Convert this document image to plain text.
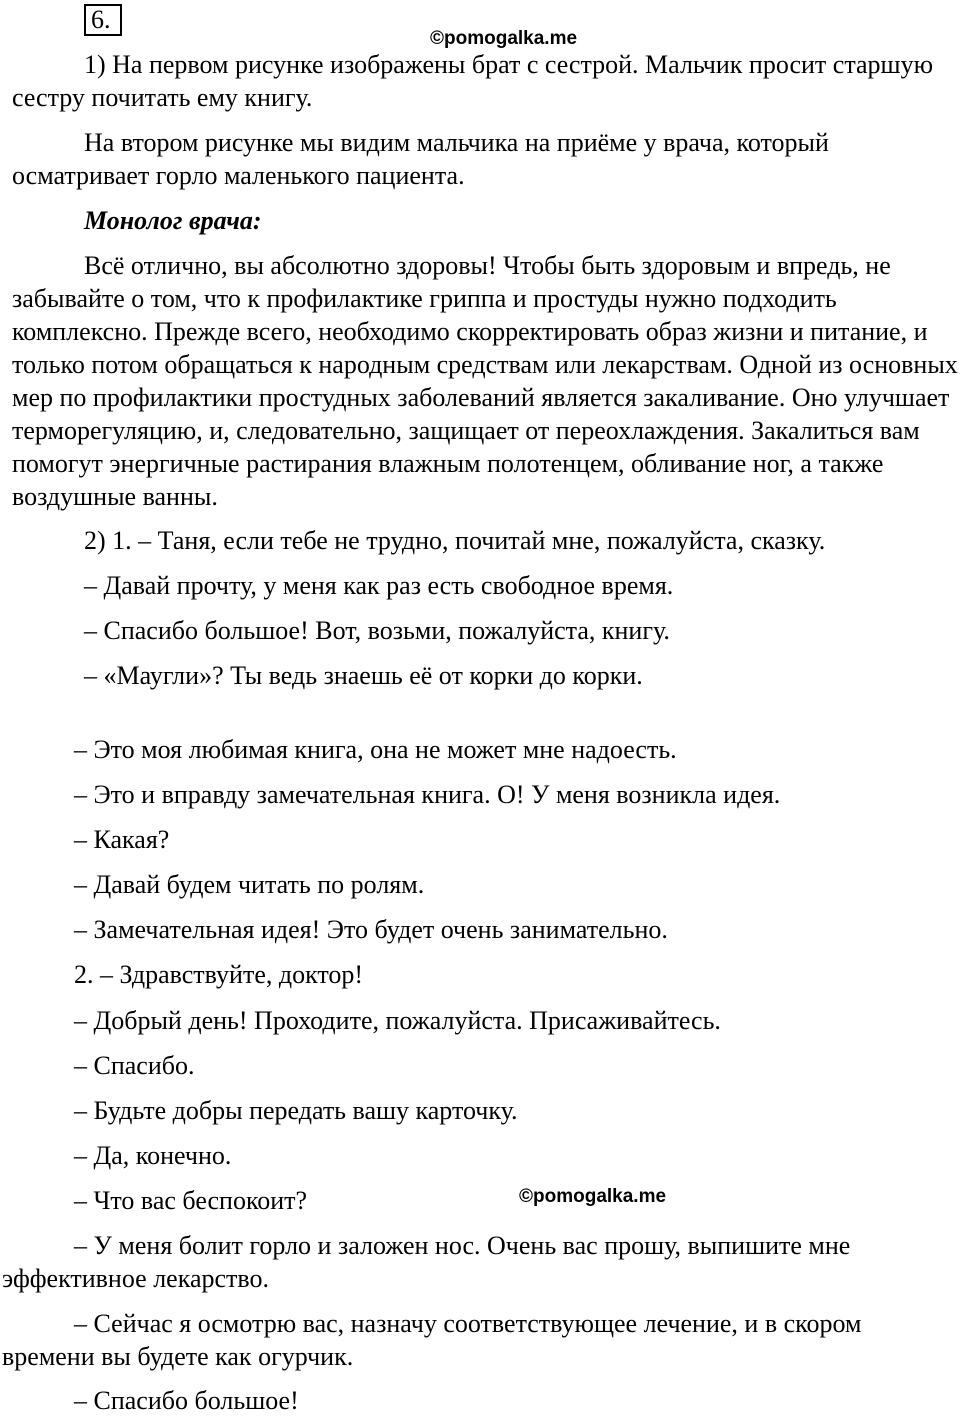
6.
©pomogalka.me

1) На первом рисунке изображены брат с сестрой. Мальчик просит старшую сестру почитать ему книгу.

На втором рисунке мы видим мальчика на приёме у врача, который осматривает горло маленького пациента.

Монолог врача:

Всё отлично, вы абсолютно здоровы! Чтобы быть здоровым и впредь, не забывайте о том, что к профилактике гриппа и простуды нужно подходить комплексно. Прежде всего, необходимо скорректировать образ жизни и питание, и только потом обращаться к народным средствам или лекарствам. Одной из основных мер по профилактики простудных заболеваний является закаливание. Оно улучшает терморегуляцию, и, следовательно, защищает от переохлаждения. Закалиться вам помогут энергичные растирания влажным полотенцем, обливание ног, а также воздушные ванны.

2) 1. – Таня, если тебе не трудно, почитай мне, пожалуйста, сказку.

– Давай прочту, у меня как раз есть свободное время.

– Спасибо большое! Вот, возьми, пожалуйста, книгу.

– «Маугли»? Ты ведь знаешь её от корки до корки.

– Это моя любимая книга, она не может мне надоесть.

– Это и вправду замечательная книга. О! У меня возникла идея.

– Какая?

– Давай будем читать по ролям.

– Замечательная идея! Это будет очень занимательно.

2. – Здравствуйте, доктор!

– Добрый день! Проходите, пожалуйста. Присаживайтесь.

– Спасибо.

– Будьте добры передать вашу карточку.

– Да, конечно.

– Что вас беспокоит?	©pomogalka.me

– У меня болит горло и заложен нос. Очень вас прошу, выпишите мне эффективное лекарство.

– Сейчас я осмотрю вас, назначу соответствующее лечение, и в скором времени вы будете как огурчик.

– Спасибо большое!
